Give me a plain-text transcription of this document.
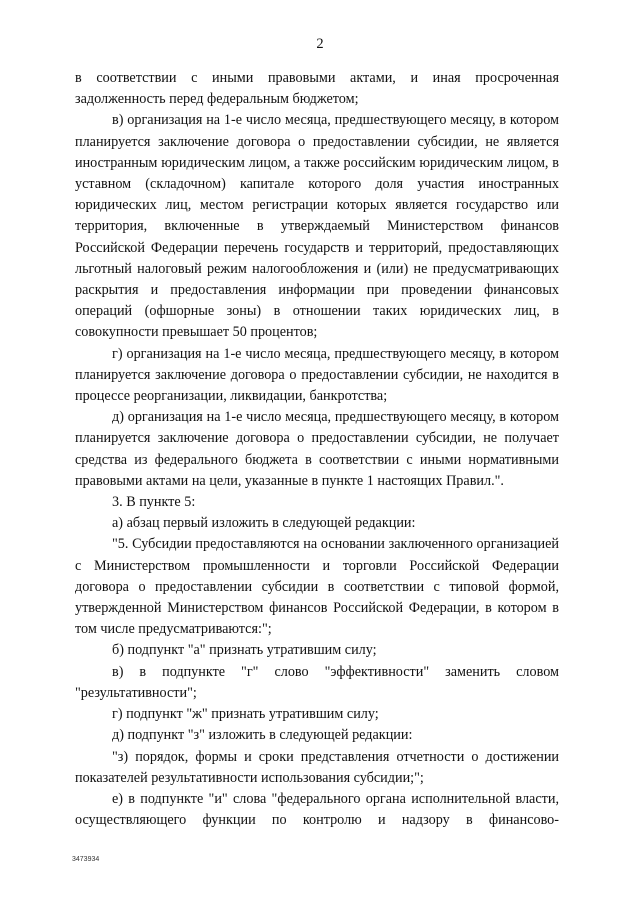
2

в соответствии с иными правовыми актами, и иная просроченная задолженность перед федеральным бюджетом;

в) организация на 1-е число месяца, предшествующего месяцу, в котором планируется заключение договора о предоставлении субсидии, не является иностранным юридическим лицом, а также российским юридическим лицом, в уставном (складочном) капитале которого доля участия иностранных юридических лиц, местом регистрации которых является государство или территория, включенные в утверждаемый Министерством финансов Российской Федерации перечень государств и территорий, предоставляющих льготный налоговый режим налогообложения и (или) не предусматривающих раскрытия и предоставления информации при проведении финансовых операций (офшорные зоны) в отношении таких юридических лиц, в совокупности превышает 50 процентов;

г) организация на 1-е число месяца, предшествующего месяцу, в котором планируется заключение договора о предоставлении субсидии, не находится в процессе реорганизации, ликвидации, банкротства;

д) организация на 1-е число месяца, предшествующего месяцу, в котором планируется заключение договора о предоставлении субсидии, не получает средства из федерального бюджета в соответствии с иными нормативными правовыми актами на цели, указанные в пункте 1 настоящих Правил.".

3. В пункте 5:

а) абзац первый изложить в следующей редакции:

"5. Субсидии предоставляются на основании заключенного организацией с Министерством промышленности и торговли Российской Федерации договора о предоставлении субсидии в соответствии с типовой формой, утвержденной Министерством финансов Российской Федерации, в котором в том числе предусматриваются:";

б) подпункт "а" признать утратившим силу;

в) в подпункте "г" слово "эффективности" заменить словом "результативности";

г) подпункт "ж" признать утратившим силу;

д) подпункт "з" изложить в следующей редакции:

"з) порядок, формы и сроки представления отчетности о достижении показателей результативности использования субсидии;";

е) в подпункте "и" слова "федерального органа исполнительной власти, осуществляющего функции по контролю и надзору в финансово-

3473934
